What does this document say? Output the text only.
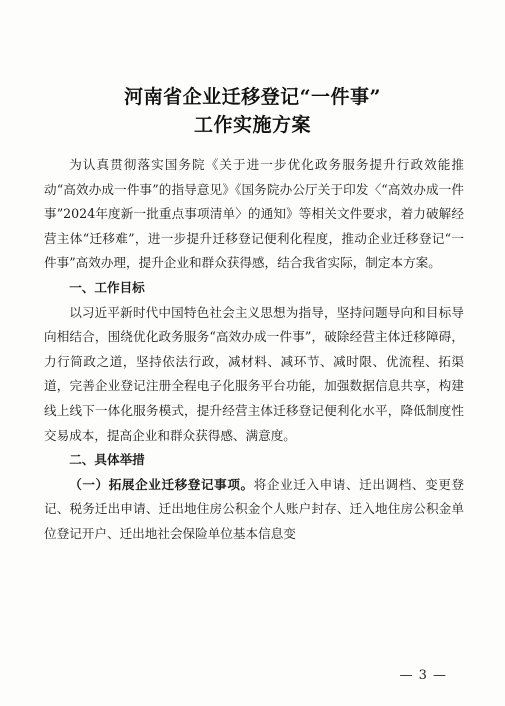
河南省企业迁移登记“一件事”
工作实施方案

为认真贯彻落实国务院《关于进一步优化政务服务提升行政效能推动“高效办成一件事”的指导意见》《国务院办公厅关于印发〈“高效办成一件事”2024年度新一批重点事项清单〉的通知》等相关文件要求，着力破解经营主体“迁移难”，进一步提升迁移登记便利化程度，推动企业迁移登记“一件事”高效办理，提升企业和群众获得感，结合我省实际，制定本方案。

一、工作目标

以习近平新时代中国特色社会主义思想为指导，坚持问题导向和目标导向相结合，围绕优化政务服务“高效办成一件事”，破除经营主体迁移障碍，力行简政之道，坚持依法行政，减材料、减环节、减时限、优流程、拓渠道，完善企业登记注册全程电子化服务平台功能，加强数据信息共享，构建线上线下一体化服务模式，提升经营主体迁移登记便利化水平，降低制度性交易成本，提高企业和群众获得感、满意度。

二、具体举措

（一）拓展企业迁移登记事项。将企业迁入申请、迁出调档、变更登记、税务迁出申请、迁出地住房公积金个人账户封存、迁入地住房公积金单位登记开户、迁出地社会保险单位基本信息变

— 3 —
